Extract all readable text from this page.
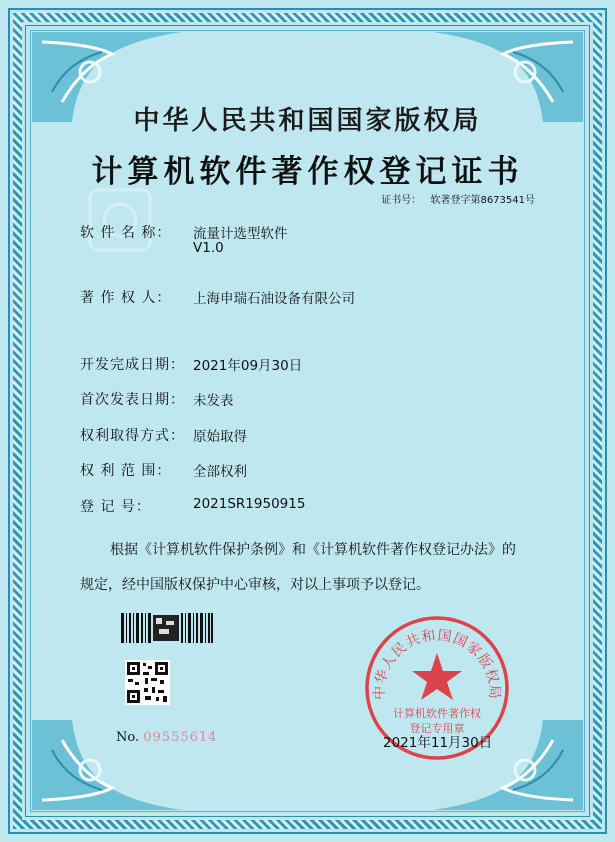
中华人民共和国国家版权局
计算机软件著作权登记证书
证书号： 软著登字第8673541号
软 件 名 称： 流量计选型软件
V1.0
著 作 权 人： 上海申瑞石油设备有限公司
开发完成日期： 2021年09月30日
首次发表日期： 未发表
权利取得方式： 原始取得
权 利 范 围： 全部权利
登 记 号：	2021SR1950915
根据《计算机软件保护条例》和《计算机软件著作权登记办法》的
规定，经中国版权保护中心审核，对以上事项予以登记。
No. 09555614
中华人民共和国国家版权局
计算机软件著作权
登记专用章
2021年11月30日
